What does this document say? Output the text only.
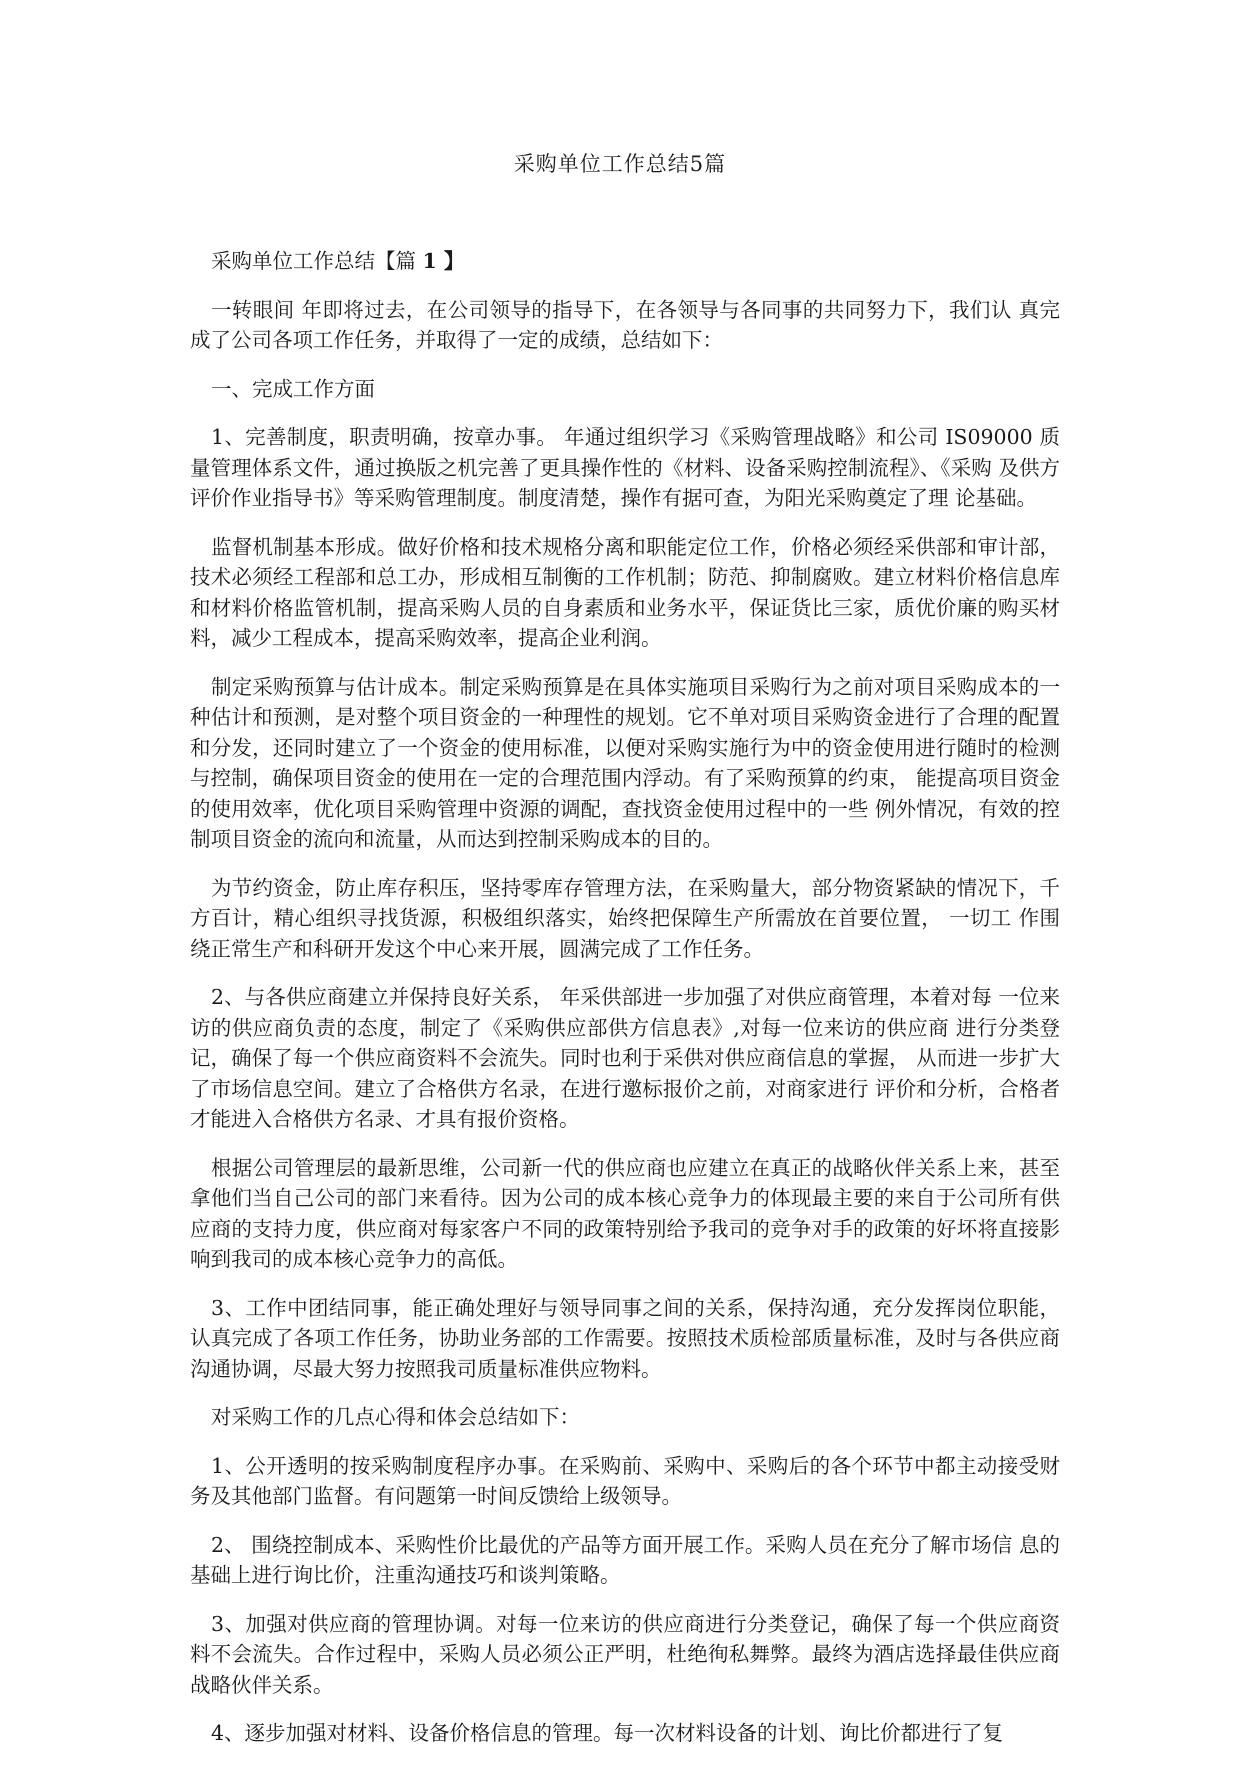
采购单位工作总结5篇

采购单位工作总结【篇 1 】

一转眼间 年即将过去，在公司领导的指导下，在各领导与各同事的共同努力下，我们认 真完成了公司各项工作任务，并取得了一定的成绩，总结如下：

一、完成工作方面

1、完善制度，职责明确，按章办事。 年通过组织学习《采购管理战略》和公司 IS09000 质量管理体系文件，通过换版之机完善了更具操作性的《材料、设备采购控制流程》、《采购 及供方评价作业指导书》等采购管理制度。制度清楚，操作有据可查，为阳光采购奠定了理 论基础。

监督机制基本形成。做好价格和技术规格分离和职能定位工作，价格必须经采供部和审计部，技术必须经工程部和总工办，形成相互制衡的工作机制；防范、抑制腐败。建立材料价格信息库和材料价格监管机制，提高采购人员的自身素质和业务水平，保证货比三家，质优价廉的购买材料，减少工程成本，提高采购效率，提高企业利润。

制定采购预算与估计成本。制定采购预算是在具体实施项目采购行为之前对项目采购成本的一种估计和预测，是对整个项目资金的一种理性的规划。它不单对项目采购资金进行了合理的配置和分发，还同时建立了一个资金的使用标准，以便对采购实施行为中的资金使用进行随时的检测与控制，确保项目资金的使用在一定的合理范围内浮动。有了采购预算的约束， 能提高项目资金的使用效率，优化项目采购管理中资源的调配，查找资金使用过程中的一些 例外情况，有效的控制项目资金的流向和流量，从而达到控制采购成本的目的。

为节约资金，防止库存积压，坚持零库存管理方法，在采购量大，部分物资紧缺的情况下，千方百计，精心组织寻找货源，积极组织落实，始终把保障生产所需放在首要位置， 一切工 作围绕正常生产和科研开发这个中心来开展，圆满完成了工作任务。

2、与各供应商建立并保持良好关系， 年采供部进一步加强了对供应商管理，本着对每 一位来访的供应商负责的态度，制定了《采购供应部供方信息表》,对每一位来访的供应商 进行分类登记，确保了每一个供应商资料不会流失。同时也利于采供对供应商信息的掌握， 从而进一步扩大了市场信息空间。建立了合格供方名录，在进行邀标报价之前，对商家进行 评价和分析，合格者才能进入合格供方名录、才具有报价资格。

根据公司管理层的最新思维，公司新一代的供应商也应建立在真正的战略伙伴关系上来，甚至拿他们当自己公司的部门来看待。因为公司的成本核心竞争力的体现最主要的来自于公司所有供应商的支持力度，供应商对每家客户不同的政策特别给予我司的竞争对手的政策的好坏将直接影响到我司的成本核心竞争力的高低。

3、工作中团结同事，能正确处理好与领导同事之间的关系，保持沟通，充分发挥岗位职能，认真完成了各项工作任务，协助业务部的工作需要。按照技术质检部质量标准，及时与各供应商沟通协调，尽最大努力按照我司质量标准供应物料。

对采购工作的几点心得和体会总结如下：

1、公开透明的按采购制度程序办事。在采购前、采购中、采购后的各个环节中都主动接受财务及其他部门监督。有问题第一时间反馈给上级领导。

2、 围绕控制成本、采购性价比最优的产品等方面开展工作。采购人员在充分了解市场信 息的基础上进行询比价，注重沟通技巧和谈判策略。

3、加强对供应商的管理协调。对每一位来访的供应商进行分类登记，确保了每一个供应商资料不会流失。合作过程中，采购人员必须公正严明，杜绝徇私舞弊。最终为酒店选择最佳供应商战略伙伴关系。

4、逐步加强对材料、设备价格信息的管理。每一次材料设备的计划、询比价都进行了复
